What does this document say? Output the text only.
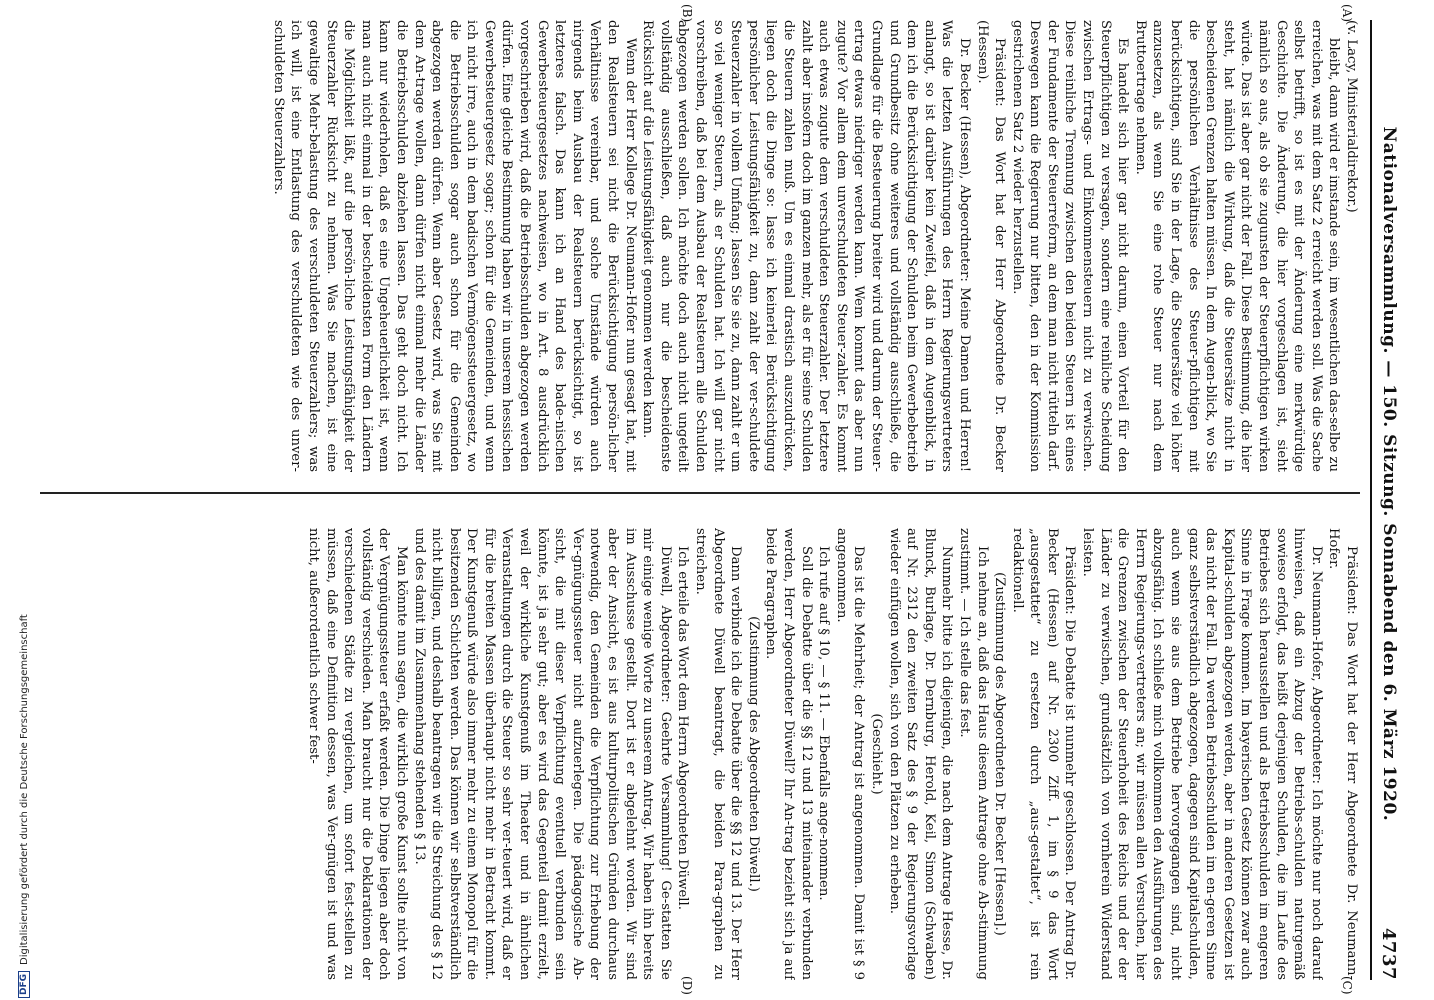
Nationalversammlung. — 150. Sitzung. Sonnabend den 6. März 1920.
4737
(A)
(B)
(C)
(D)

(v. Lacy, Ministerialdirektor.)

bleibt, dann wird er imstande sein, im wesentlichen das-selbe zu erreichen, was mit dem Satz 2 erreicht werden soll. Was die Sache selbst betrifft, so ist es mit der Änderung eine merkwürdige Geschichte. Die Änderung, die hier vorgeschlagen ist, sieht nämlich so aus, als ob sie zugunsten der Steuerpflichtigen wirken würde. Das ist aber gar nicht der Fall. Diese Bestimmung, die hier steht, hat nämlich die Wirkung, daß die Steuersätze nicht in bescheidenen Grenzen halten müssen. In dem Augen-blick, wo Sie die persönlichen Verhältnisse des Steuer-pflichtigen mit berücksichtigen, sind Sie in der Lage, die Steuersätze viel höher anzusetzen, als wenn Sie eine rohe Steuer nur nach dem Bruttoertrage nehmen.

Es handelt sich hier gar nicht darum, einen Vorteil für den Steuerpflichtigen zu versagen, sondern eine reinliche Scheidung zwischen Ertrags- und Einkommensteuern nicht zu verwischen. Diese reinliche Trennung zwischen den beiden Steuern ist eines der Fundamente der Steuerreform, an dem man nicht rütteln darf. Deswegen kann die Regierung nur bitten, den in der Kommission gestrichenen Satz 2 wieder herzustellen.

Präsident: Das Wort hat der Herr Abgeordnete Dr. Becker (Hessen).

Dr. Becker (Hessen), Abgeordneter: Meine Damen und Herren! Was die letzten Ausführungen des Herrn Regierungsvertreters anlangt, so ist darüber kein Zweifel, daß in dem Augenblick, in dem ich die Berücksichtigung der Schulden beim Gewerbebetrieb und Grundbesitz ohne weiteres und vollständig ausschließe, die Grundlage für die Besteuerung breiter wird und darum der Steuer-ertrag etwas niedriger werden kann. Wem kommt das aber nun zugute? Vor allem dem unverschuldeten Steuer-zahler. Es kommt auch etwas zugute dem verschuldeten Steuerzahler. Der letztere zahlt aber insofern doch im ganzen mehr, als er für seine Schulden die Steuern zahlen muß. Um es einmal drastisch auszudrücken, liegen doch die Dinge so: lasse ich keinerlei Berücksichtigung persönlicher Leistungsfähigkeit zu, dann zahlt der ver-schuldete Steuerzahler in vollem Umfang; lassen Sie sie zu, dann zahlt er um so viel weniger Steuern, als er Schulden hat. Ich will gar nicht vorschreiben, daß bei dem Ausbau der Realsteuern alle Schulden abgezogen werden sollen. Ich möchte doch auch nicht ungeteilt vollständig ausschließen, daß auch nur die bescheidenste Rücksicht auf die Leistungsfähigkeit genommen werden kann.

Wenn der Herr Kollege Dr. Neumann-Hofer nun gesagt hat, mit den Realsteuern sei nicht die Berücksichtigung persön-licher Verhältnisse vereinbar, und solche Umstände würden auch nirgends beim Ausbau der Realsteuern berücksichtigt, so ist letzteres falsch. Das kann ich an Hand des bade-nischen Gewerbesteuergesetzes nachweisen, wo in Art. 8 ausdrücklich vorgeschrieben wird, daß die Betriebsschulden abgezogen werden dürfen. Eine gleiche Bestimmung haben wir in unserem hessischen Gewerbesteuergesetz sogar; schon für die Gemeinden, und wenn ich nicht irre, auch in dem badischen Vermögenssteuergesetz, wo die Betriebsschulden sogar auch schon für die Gemeinden abgezogen werden dürfen. Wenn aber Gesetz wird, was Sie mit dem An-trage wollen, dann dürfen nicht einmal mehr die Länder die Betriebsschulden abziehen lassen. Das geht doch nicht. Ich kann nur wiederholen, daß es eine Ungeheuerlichkeit ist, wenn man auch nicht einmal in der bescheidensten Form den Ländern die Möglichkeit läßt, auf die persön-liche Leistungsfähigkeit der Steuerzahler Rücksicht zu nehmen. Was Sie machen, ist eine gewaltige Mehr-belastung des verschuldeten Steuerzahlers; was ich will, ist eine Entlastung des verschuldeten wie des unver-schuldeten Steuerzahlers.

Präsident: Das Wort hat der Herr Abgeordnete Dr. Neumann-Hofer.

Dr. Neumann-Hofer, Abgeordneter: Ich möchte nur noch darauf hinweisen, daß ein Abzug der Betriebs-schulden naturgemäß sowieso erfolgt, das heißt derjenigen Schulden, die im Laufe des Betriebes sich herausstellen und als Betriebsschulden im engeren Sinne in Frage kommen. Im bayerischen Gesetz können zwar auch Kapital-schulden abgezogen werden, aber in anderen Gesetzen ist das nicht der Fall. Da werden Betriebsschulden im en-geren Sinne ganz selbstverständlich abgezogen, dagegen sind Kapitalschulden, auch wenn sie aus dem Betriebe hervorgegangen sind, nicht abzugsfähig. Ich schließe mich vollkommen den Ausführungen des Herrn Regierungs-vertreters an; wir müssen allen Versuchen, hier die Grenzen zwischen der Steuerhoheit des Reichs und der der Länder zu verwischen, grundsätzlich von vornherein Widerstand leisten.

Präsident: Die Debatte ist nunmehr geschlossen. Der Antrag Dr. Becker (Hessen) auf Nr. 2300 Ziff. 1, im § 9 das Wort „ausgestattet“ zu ersetzen durch „aus-gestaltet“, ist rein redaktionell.

(Zustimmung des Abgeordneten Dr. Becker [Hessen].)

Ich nehme an, daß das Haus diesem Antrage ohne Ab-stimmung zustimmt. — Ich stelle das fest.

Nunmehr bitte ich diejenigen, die nach dem Antrage Hesse, Dr. Blunck, Burlage, Dr. Dernburg, Herold, Keil, Simon (Schwaben) auf Nr. 2312 den zweiten Satz des § 9 der Regierungsvorlage wieder einfügen wollen, sich von den Plätzen zu erheben.

(Geschieht.)

Das ist die Mehrheit; der Antrag ist angenommen. Damit ist § 9 angenommen.

Ich rufe auf § 10, — § 11. — Ebenfalls ange-nommen.

Soll die Debatte über die §§ 12 und 13 miteinander verbunden werden, Herr Abgeordneter Düwell? Ihr An-trag bezieht sich ja auf beide Paragraphen.

(Zustimmung des Abgeordneten Düwell.)

Dann verbinde ich die Debatte über die §§ 12 und 13. Der Herr Abgeordnete Düwell beantragt, die beiden Para-graphen zu streichen.

Ich erteile das Wort dem Herrn Abgeordneten Düwell.

Düwell, Abgeordneter: Geehrte Versammlung! Ge-statten Sie mir einige wenige Worte zu unserem Antrag. Wir haben ihn bereits im Ausschusse gestellt. Dort ist er abgelehnt worden. Wir sind aber der Ansicht, es ist aus kulturpolitischen Gründen durchaus notwendig, den Gemeinden die Verpflichtung zur Erhebung der Ver-gnügungssteuer nicht aufzuerlegen. Die pädagogische Ab-sicht, die mit dieser Verpflichtung eventuell verbunden sein könnte, ist ja sehr gut; aber es wird das Gegenteil damit erzielt, weil der wirkliche Kunstgenuß im Theater und in ähnlichen Veranstaltungen durch die Steuer so sehr ver-teuert wird, daß er für die breiten Massen überhaupt nicht mehr in Betracht kommt. Der Kunstgenuß würde also immer mehr zu einem Monopol für die besitzenden Schichten werden. Das können wir selbstverständlich nicht billigen, und deshalb beantragen wir die Streichung des § 12 und des damit im Zusammenhang stehenden § 13.

Man könnte nun sagen, die wirklich große Kunst sollte nicht von der Vergnügungssteuer erfaßt werden. Die Dinge liegen aber doch vollständig verschieden. Man braucht nur die Deklarationen der verschiedenen Städte zu vergleichen, um sofort fest-stellen zu müssen, daß eine Definition dessen, was Ver-gnügen ist und was nicht, außerordentlich schwer fest-

DFG
Digitalisierung gefördert durch die Deutsche Forschungsgemeinschaft
